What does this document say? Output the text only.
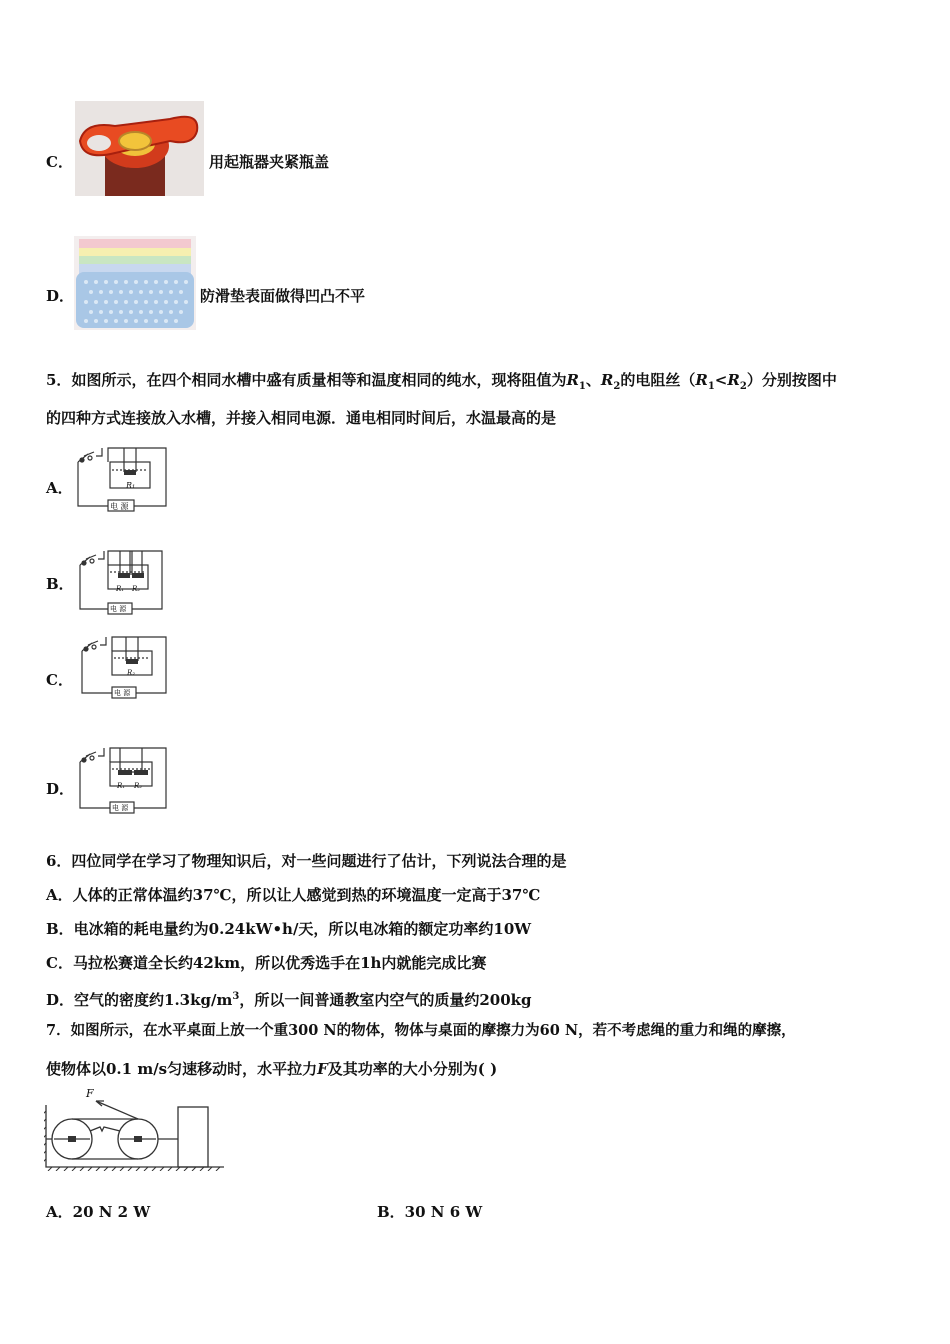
C．	用起瓶器夹紧瓶盖
D．	防滑垫表面做得凹凸不平
5．如图所示，在四个相同水槽中盛有质量相等和温度相同的纯水，现将阻值为$R_1$、$R_2$的电阻丝$(R_1<R_2)$分别按图中
的四种方式连接放入水槽，并接入相同电源．通电相同时间后，水温最高的是
A．	R₁
电 源
B．	R₁ R₂
电 源
C．	R₂
电 源
D．	R₁ R₂
电 源
6．四位同学在学习了物理知识后，对一些问题进行了估计，下列说法合理的是
A．人体的正常体温约37℃，所以让人感觉到热的环境温度一定高于37℃
B．电冰箱的耗电量约为0.24kW•h/天，所以电冰箱的额定功率约10W
C．马拉松赛道全长约42km，所以优秀选手在1h内就能完成比赛
D．空气的密度约$1.3kg/m^3$，所以一间普通教室内空气的质量约200kg
7．如图所示，在水平桌面上放一个重300 N的物体，物体与桌面的摩擦力为60 N，若不考虑绳的重力和绳的摩擦，
使物体以0.1 m/s匀速移动时，水平拉力F及其功率的大小分别为( )
F
A．20 N 2 W	B．30 N 6 W
